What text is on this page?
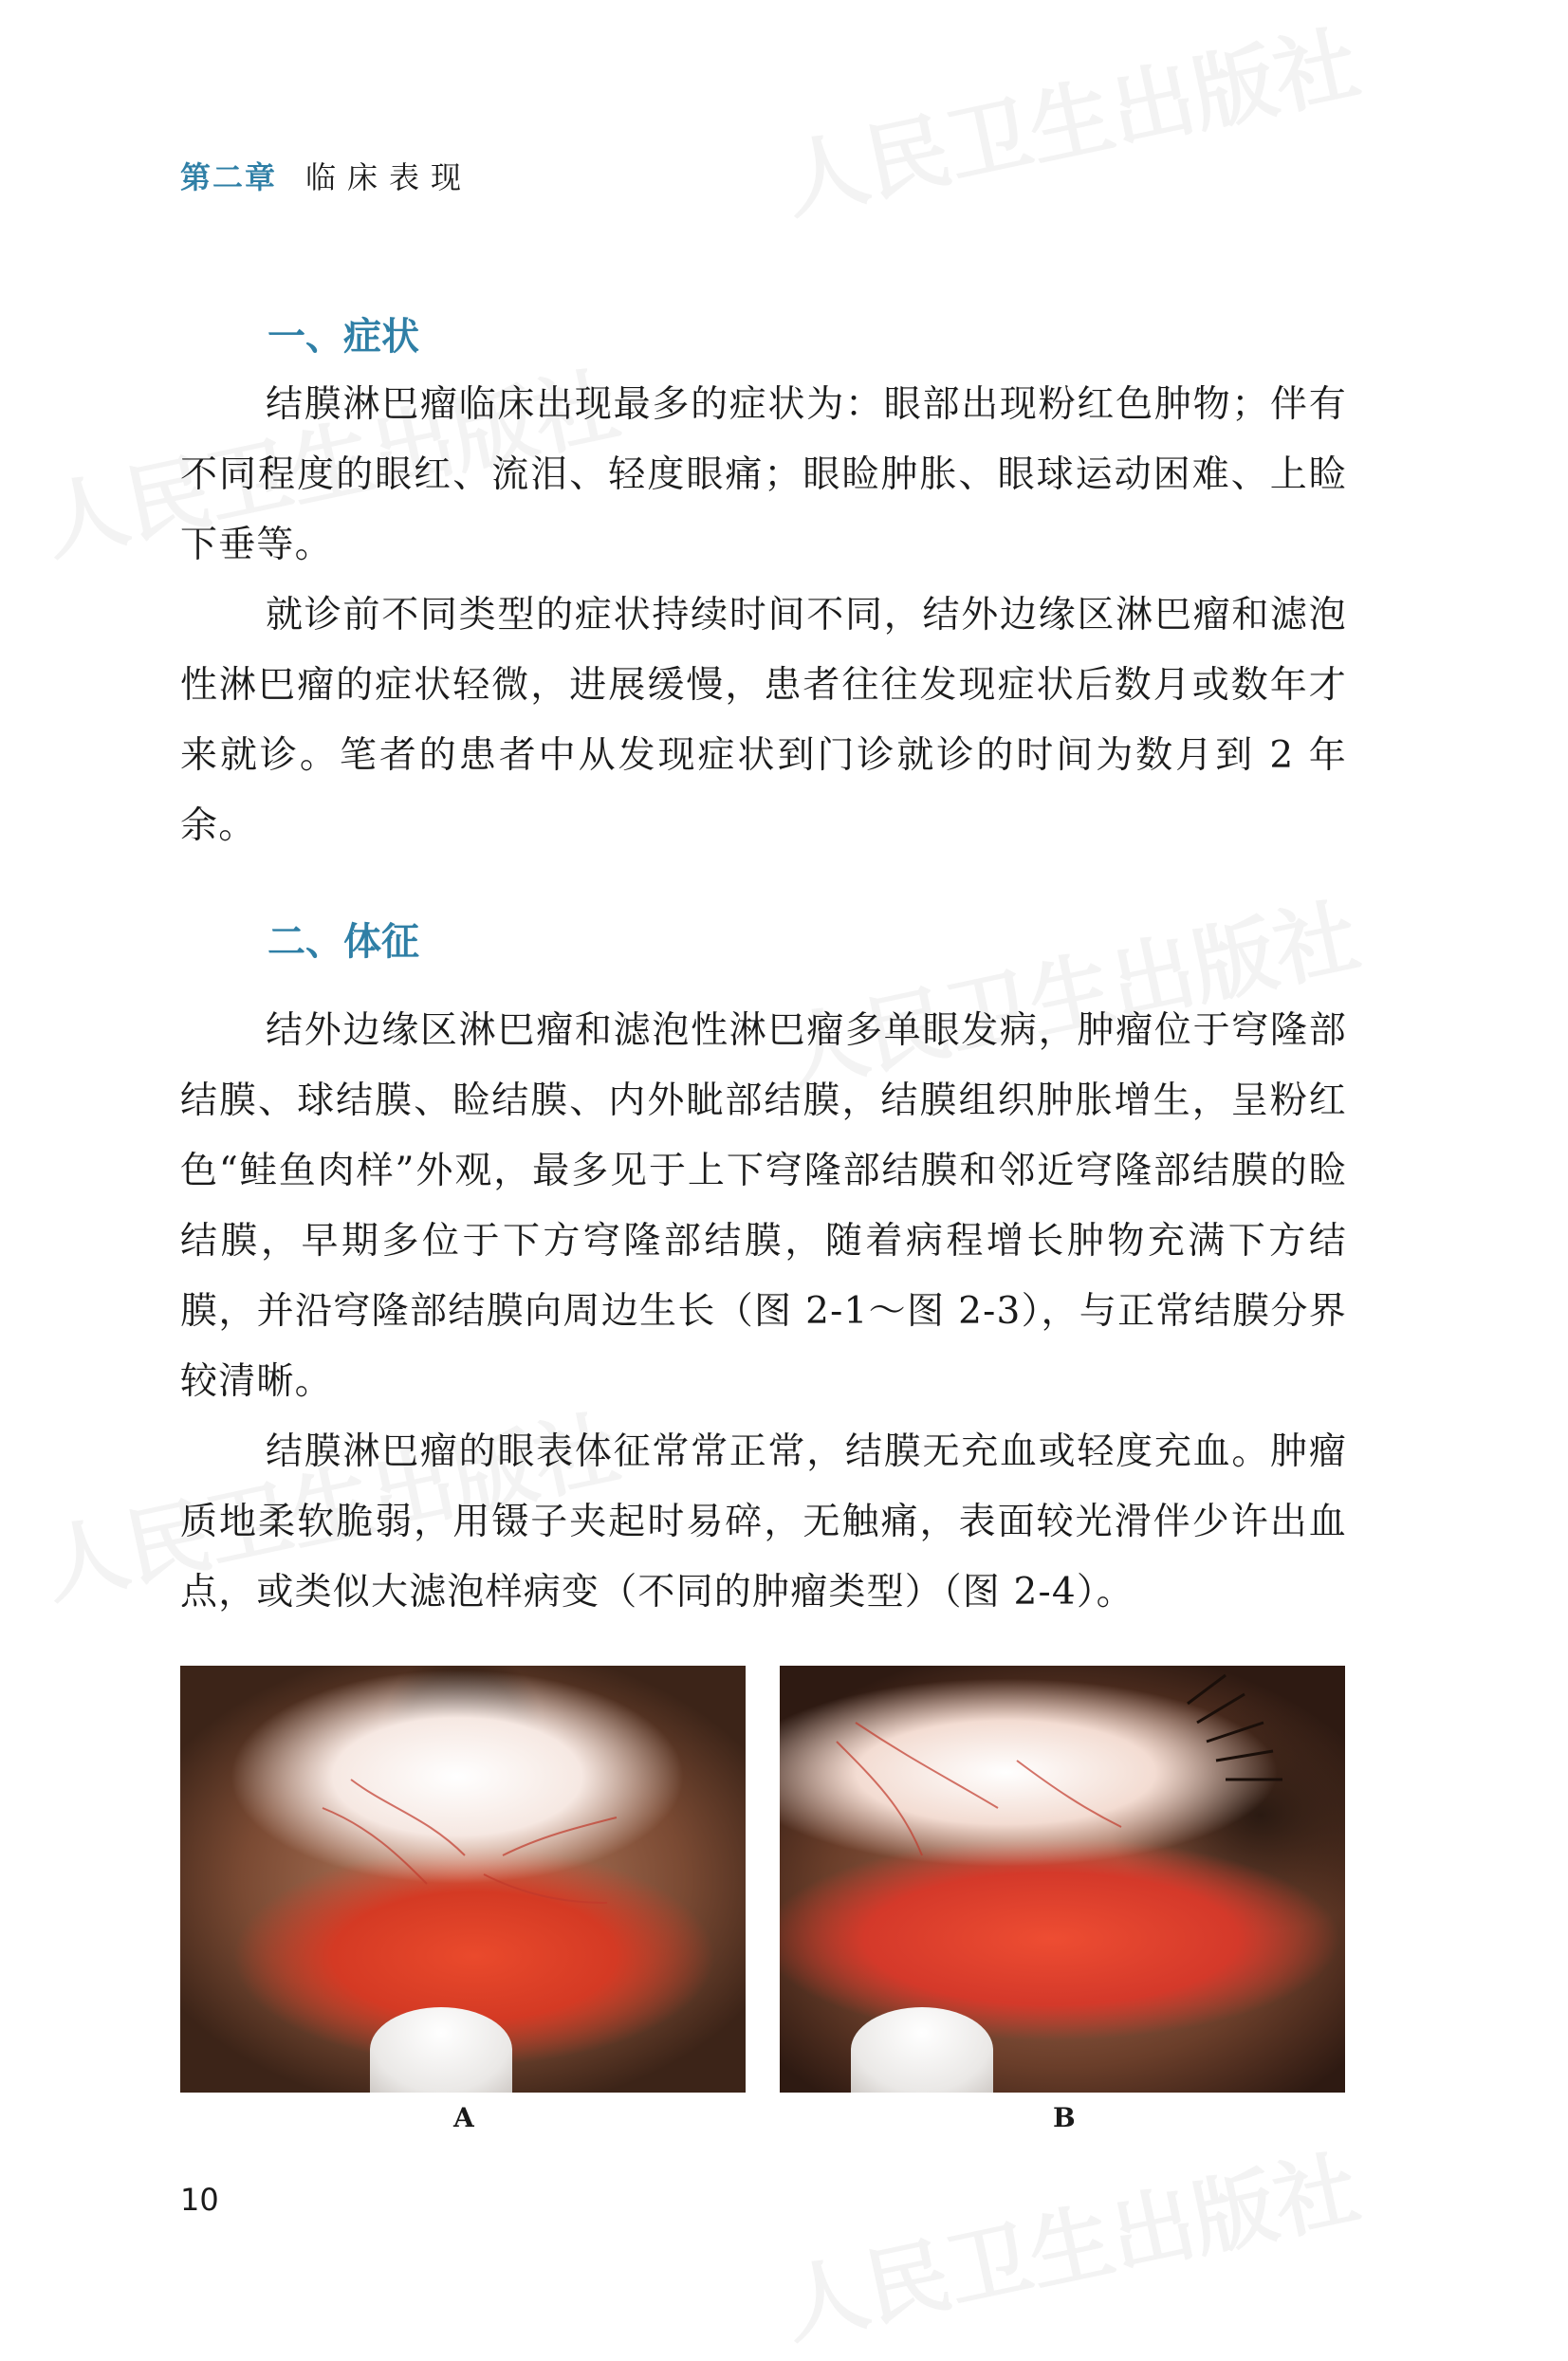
第二章 临床表现
一、症状

结膜淋巴瘤临床出现最多的症状为：眼部出现粉红色肿物；伴有不同程度的眼红、流泪、轻度眼痛；眼睑肿胀、眼球运动困难、上睑下垂等。

就诊前不同类型的症状持续时间不同，结外边缘区淋巴瘤和滤泡性淋巴瘤的症状轻微，进展缓慢，患者往往发现症状后数月或数年才来就诊。笔者的患者中从发现症状到门诊就诊的时间为数月到 2 年余。

二、体征

结外边缘区淋巴瘤和滤泡性淋巴瘤多单眼发病，肿瘤位于穹隆部结膜、球结膜、睑结膜、内外眦部结膜，结膜组织肿胀增生，呈粉红色“鲑鱼肉样”外观，最多见于上下穹隆部结膜和邻近穹隆部结膜的睑结膜，早期多位于下方穹隆部结膜，随着病程增长肿物充满下方结膜，并沿穹隆部结膜向周边生长（图 2-1～图 2-3），与正常结膜分界较清晰。

结膜淋巴瘤的眼表体征常常正常，结膜无充血或轻度充血。肿瘤质地柔软脆弱，用镊子夹起时易碎，无触痛，表面较光滑伴少许出血点，或类似大滤泡样病变（不同的肿瘤类型）（图 2-4）。

A	B
10
